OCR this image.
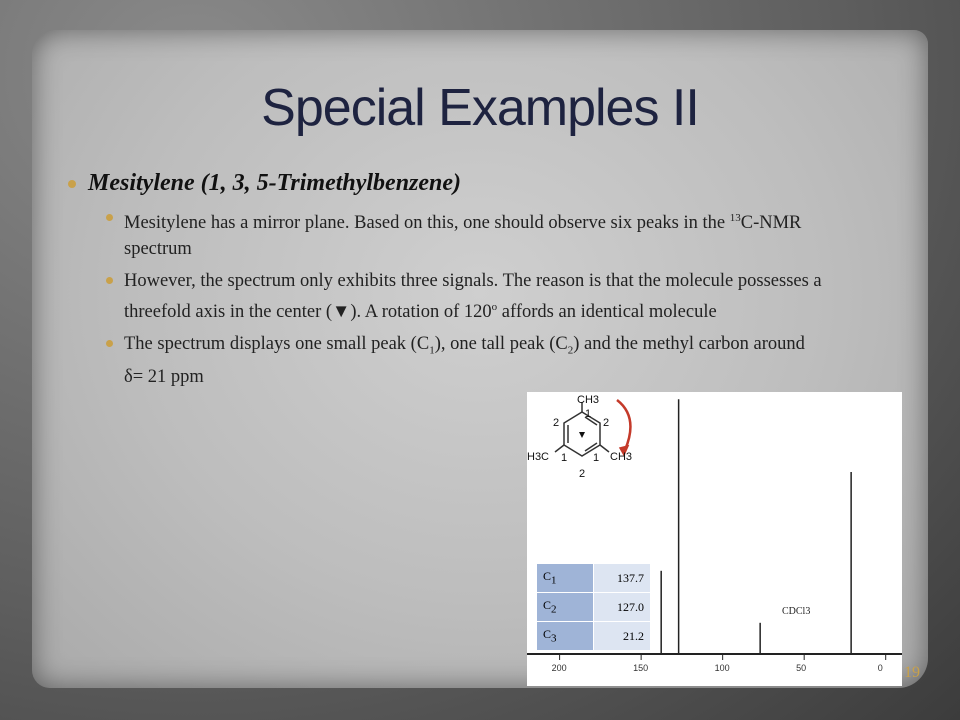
Special Examples II
Mesitylene (1, 3, 5-Trimethylbenzene)
Mesitylene has a mirror plane. Based on this, one should observe six peaks in the $^{13}$C-NMR spectrum
However, the spectrum only exhibits three signals. The reason is that the molecule possesses a threefold axis in the center (▼). A rotation of 120$^o$ affords an identical molecule
The spectrum displays one small peak $(C_1)$, one tall peak $(C_2)$ and the methyl carbon around δ= 21 ppm
CH3
H3C	CH3
1
2	2
1 1
2
200	150	100	50	0
$C_1$	137.7
$C_2$	127.0
$C_3$	21.2
CDCl3
19
